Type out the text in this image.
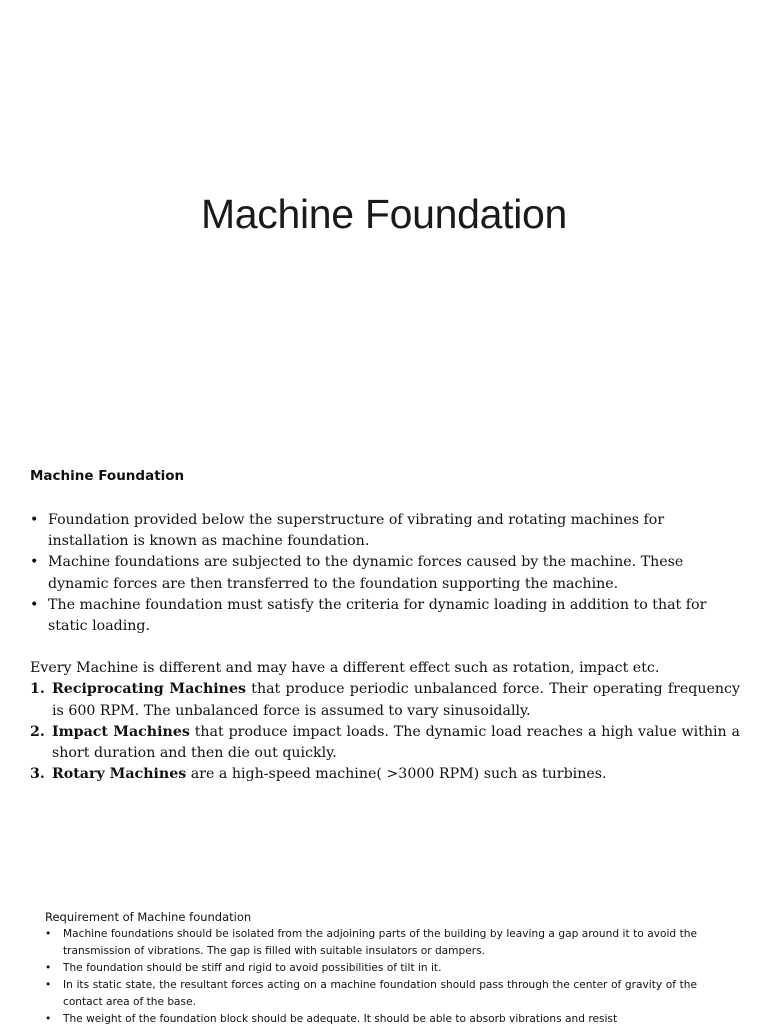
Machine Foundation
Machine Foundation
• Foundation provided below the superstructure of vibrating and rotating machines for installation is known as machine foundation.
• Machine foundations are subjected to the dynamic forces caused by the machine. These dynamic forces are then transferred to the foundation supporting the machine.
• The machine foundation must satisfy the criteria for dynamic loading in addition to that for static loading.
Every Machine is different and may have a different effect such as rotation, impact etc.
1. Reciprocating Machines that produce periodic unbalanced force. Their operating frequency is 600 RPM. The unbalanced force is assumed to vary sinusoidally.
2. Impact Machines that produce impact loads. The dynamic load reaches a high value within a short duration and then die out quickly.
3. Rotary Machines are a high-speed machine( >3000 RPM) such as turbines.
Requirement of Machine foundation
• Machine foundations should be isolated from the adjoining parts of the building by leaving a gap around it to avoid the transmission of vibrations. The gap is filled with suitable insulators or dampers.
• The foundation should be stiff and rigid to avoid possibilities of tilt in it.
• In its static state, the resultant forces acting on a machine foundation should pass through the center of gravity of the contact area of the base.
• The weight of the foundation block should be adequate. It should be able to absorb vibrations and resist
